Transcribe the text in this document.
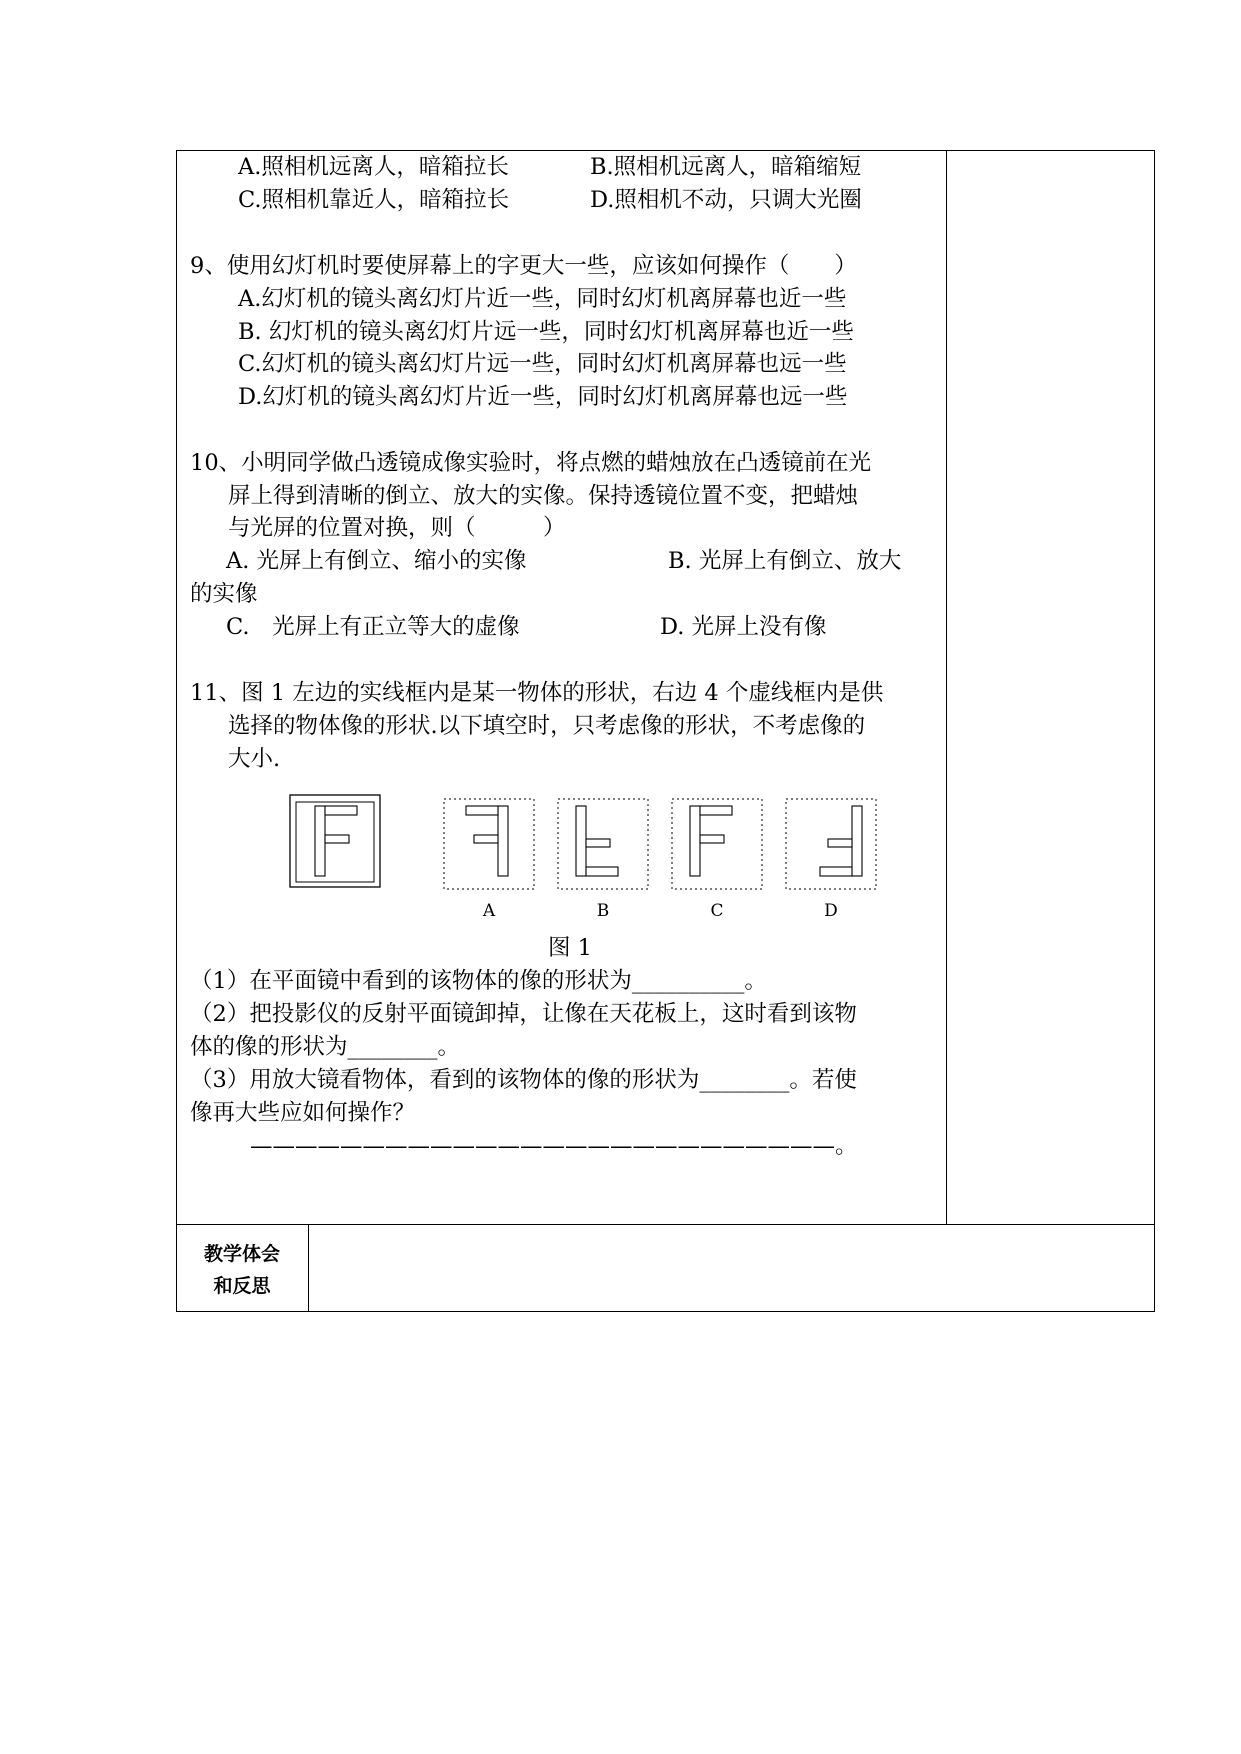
A.照相机远离人，暗箱拉长	B.照相机远离人，暗箱缩短
C.照相机靠近人，暗箱拉长	D.照相机不动，只调大光圈
9、使用幻灯机时要使屏幕上的字更大一些，应该如何操作（　　）
A.幻灯机的镜头离幻灯片近一些，同时幻灯机离屏幕也近一些
B. 幻灯机的镜头离幻灯片远一些，同时幻灯机离屏幕也近一些
C.幻灯机的镜头离幻灯片远一些，同时幻灯机离屏幕也远一些
D.幻灯机的镜头离幻灯片近一些，同时幻灯机离屏幕也远一些
10、小明同学做凸透镜成像实验时，将点燃的蜡烛放在凸透镜前在光
屏上得到清晰的倒立、放大的实像。保持透镜位置不变，把蜡烛
与光屏的位置对换，则（　　　）
A. 光屏上有倒立、缩小的实像	B. 光屏上有倒立、放大
的实像
C.　光屏上有正立等大的虚像	D. 光屏上没有像
11、图 1 左边的实线框内是某一物体的形状，右边 4 个虚线框内是供
选择的物体像的形状.以下填空时，只考虑像的形状，不考虑像的
大小.
A	B	C	D
图 1
（1）在平面镜中看到的该物体的像的形状为__________。
（2）把投影仪的反射平面镜卸掉，让像在天花板上，这时看到该物
体的像的形状为________。
（3）用放大镜看物体，看到的该物体的像的形状为________。若使
像再大些应如何操作？
——————————————————————————。
教学体会
和反思
